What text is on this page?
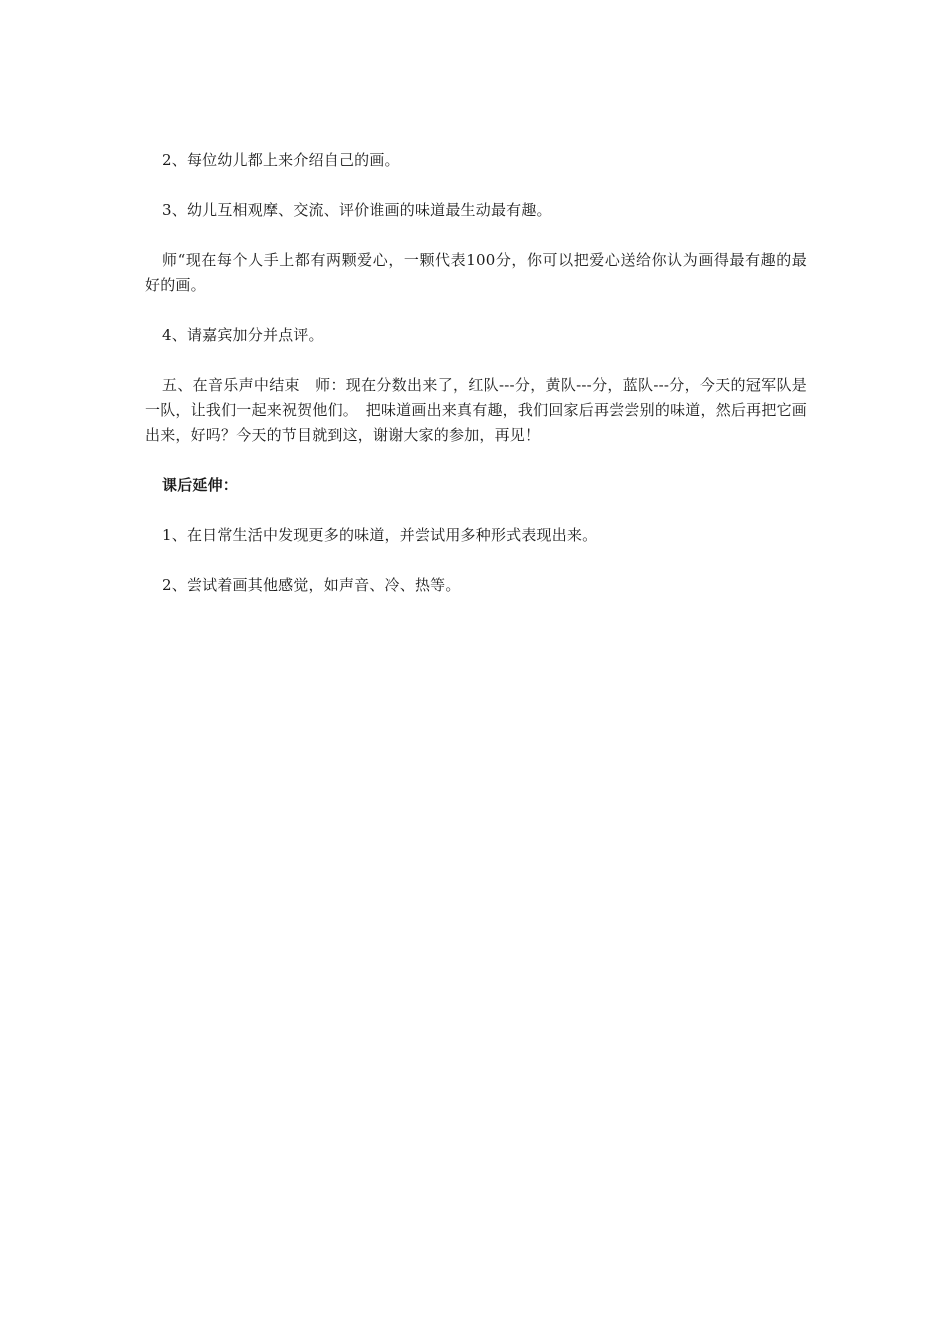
2、每位幼儿都上来介绍自己的画。

3、幼儿互相观摩、交流、评价谁画的味道最生动最有趣。

师“现在每个人手上都有两颗爱心，一颗代表100分，你可以把爱心送给你认为画得最有趣的最好的画。

4、请嘉宾加分并点评。

五、在音乐声中结束　师：现在分数出来了，红队---分，黄队---分，蓝队---分，今天的冠军队是一队，让我们一起来祝贺他们。　把味道画出来真有趣，我们回家后再尝尝别的味道，然后再把它画出来，好吗？今天的节目就到这，谢谢大家的参加，再见！

课后延伸：

1、在日常生活中发现更多的味道，并尝试用多种形式表现出来。

2、尝试着画其他感觉，如声音、冷、热等。
